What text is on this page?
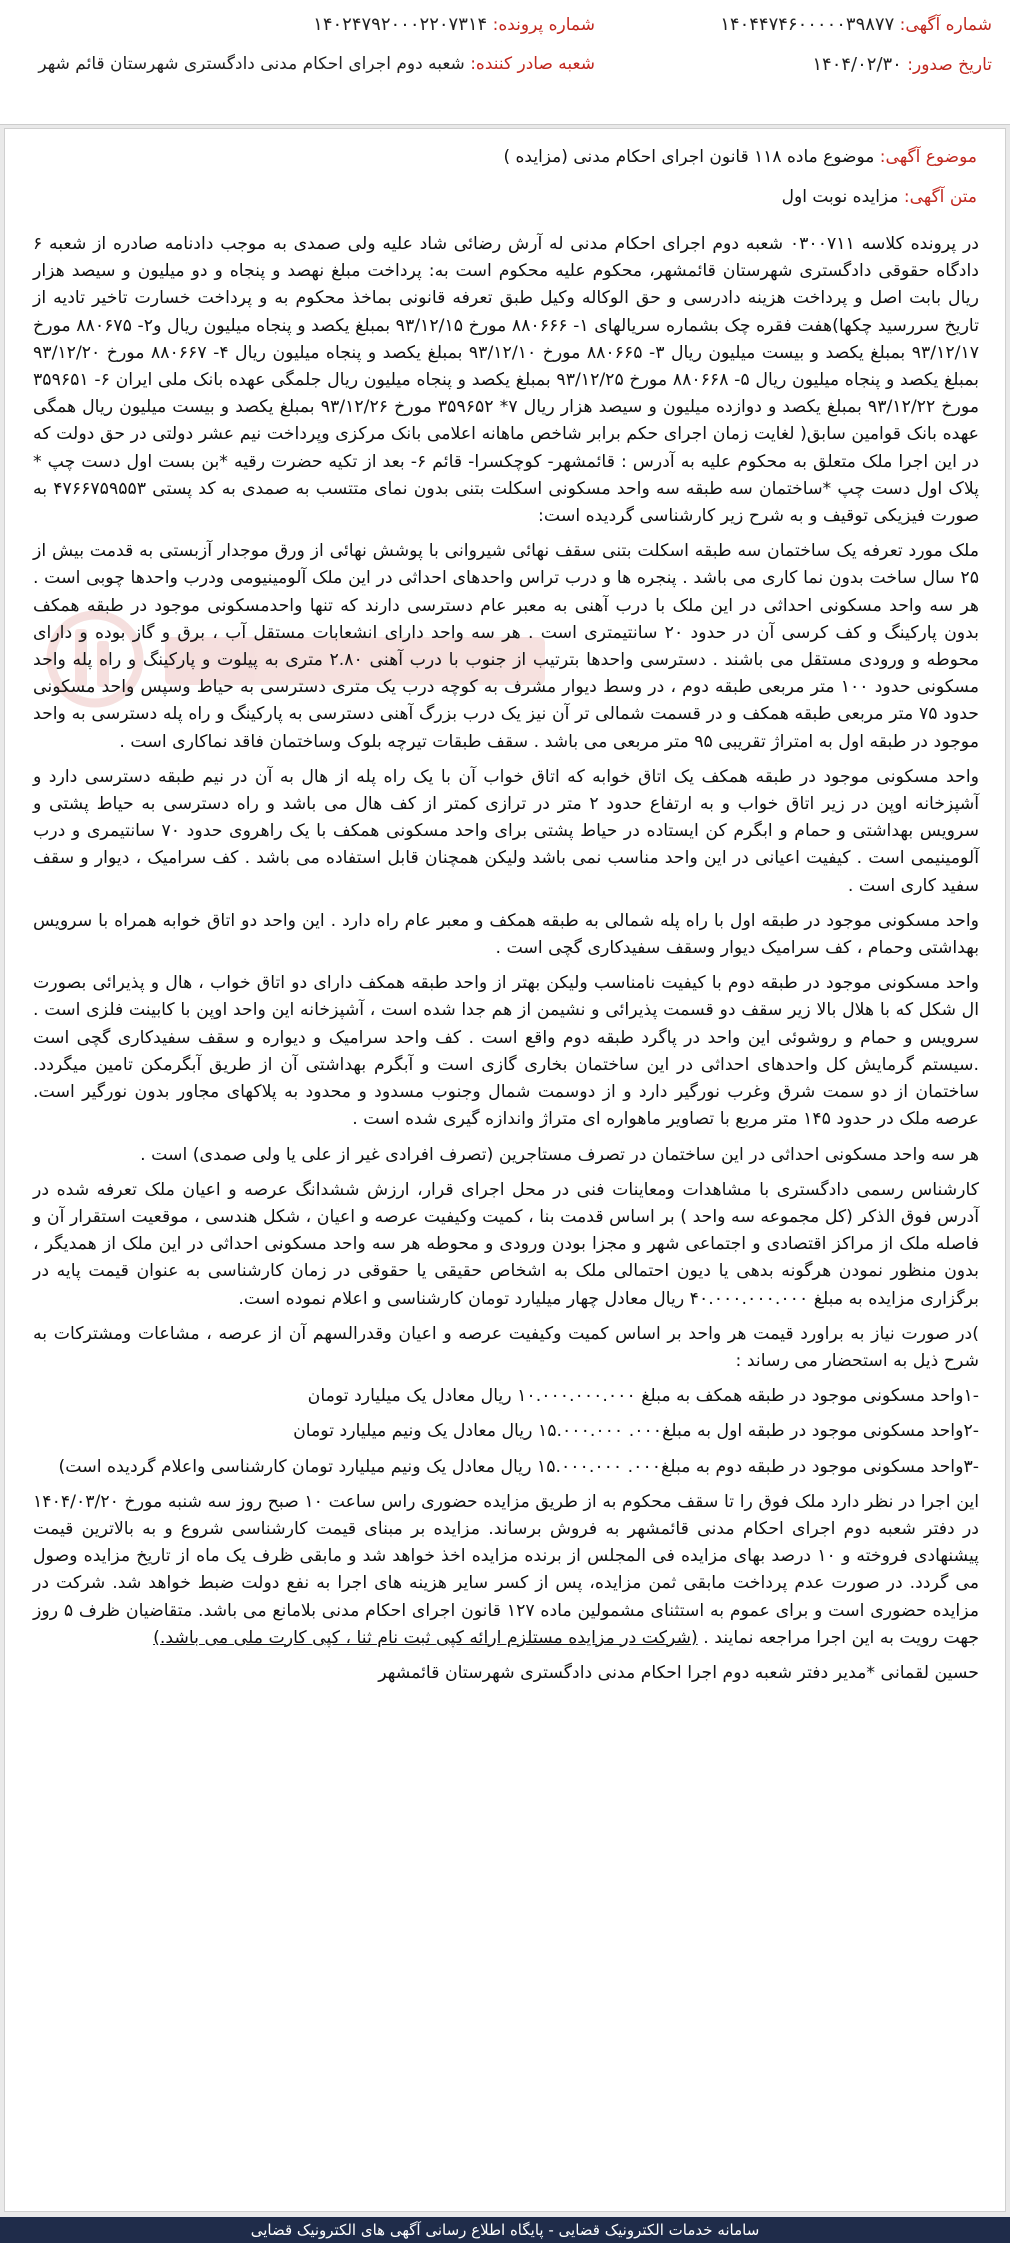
شماره آگهی: ۱۴۰۴۴۷۴۶۰۰۰۰۰۳۹۸۷۷
شماره پرونده: ۱۴۰۲۴۷۹۲۰۰۰۲۲۰۷۳۱۴
تاریخ صدور: ۱۴۰۴/۰۲/۳۰
شعبه صادر کننده: شعبه دوم اجرای احکام مدنی دادگستری شهرستان قائم شهر
موضوع آگهی: موضوع ماده ۱۱۸ قانون اجرای احکام مدنی (مزایده )
متن آگهی: مزایده نوبت اول

در پرونده کلاسه ۰۳۰۰۷۱۱ شعبه دوم اجرای احکام مدنی له آرش رضائی شاد علیه ولی صمدی به موجب دادنامه صادره از شعبه ۶ دادگاه حقوقی دادگستری شهرستان قائمشهر، محکوم علیه محکوم است به: پرداخت مبلغ نهصد و پنجاه و دو میلیون و سیصد هزار ریال بابت اصل و پرداخت هزینه دادرسی و حق الوکاله وکیل طبق تعرفه قانونی بماخذ محکوم به و پرداخت خسارت تاخیر تادیه از تاریخ سررسید چکها)هفت فقره چک بشماره سریالهای ۱- ۸۸۰۶۶۶ مورخ ۹۳/۱۲/۱۵ بمبلغ یکصد و پنجاه میلیون ریال و۲- ۸۸۰۶۷۵ مورخ ۹۳/۱۲/۱۷ بمبلغ یکصد و بیست میلیون ریال ۳- ۸۸۰۶۶۵ مورخ ۹۳/۱۲/۱۰ بمبلغ یکصد و پنجاه میلیون ریال ۴- ۸۸۰۶۶۷ مورخ ۹۳/۱۲/۲۰ بمبلغ یکصد و پنجاه میلیون ریال ۵- ۸۸۰۶۶۸ مورخ ۹۳/۱۲/۲۵ بمبلغ یکصد و پنجاه میلیون ریال جلمگی عهده بانک ملی ایران ۶- ۳۵۹۶۵۱ مورخ ۹۳/۱۲/۲۲ بمبلغ یکصد و دوازده میلیون و سیصد هزار ریال ۷* ۳۵۹۶۵۲ مورخ ۹۳/۱۲/۲۶ بمبلغ یکصد و بیست میلیون ریال همگی عهده بانک قوامین سابق( لغایت زمان اجرای حکم برابر شاخص ماهانه اعلامی بانک مرکزی وپرداخت نیم عشر دولتی در حق دولت که در این اجرا ملک متعلق به محکوم علیه به آدرس : قائمشهر- کوچکسرا- قائم ۶- بعد از تکیه حضرت رقیه *بن بست اول دست چپ * پلاک اول دست چپ *ساختمان سه طبقه سه واحد مسکونی اسکلت بتنی بدون نمای متتسب به صمدی به کد پستی ۴۷۶۶۷۵۹۵۵۳ به صورت فیزیکی توقیف و به شرح زیر کارشناسی گردیده است:

ملک مورد تعرفه یک ساختمان سه طبقه اسکلت بتنی سقف نهائی شیروانی با پوشش نهائی از ورق موجدار آزبستی به قدمت بیش از ۲۵ سال ساخت بدون نما کاری می باشد . پنجره ها و درب تراس واحدهای احداثی در این ملک آلومینیومی ودرب واحدها چوبی است . هر سه واحد مسکونی احداثی در این ملک با درب آهنی به معبر عام دسترسی دارند که تنها واحدمسکونی موجود در طبقه همکف بدون پارکینگ و کف کرسی آن در حدود ۲۰ سانتیمتری است . هر سه واحد دارای انشعابات مستقل آب ، برق و گاز بوده و دارای محوطه و ورودی مستقل می باشند . دسترسی واحدها بترتیب از جنوب با درب آهنی ۲.۸۰ متری به پیلوت و پارکینگ و راه پله واحد مسکونی حدود ۱۰۰ متر مربعی طبقه دوم ، در وسط دیوار مشرف به کوچه درب یک متری دسترسی به حیاط وسپس واحد مسکونی حدود ۷۵ متر مربعی طبقه همکف و در قسمت شمالی تر آن نیز یک درب بزرگ آهنی دسترسی به پارکینگ و راه پله دسترسی به واحد موجود در طبقه اول به امتراژ تقریبی ۹۵ متر مربعی می باشد . سقف طبقات تیرچه بلوک وساختمان فاقد نماکاری است .

واحد مسکونی موجود در طبقه همکف یک اتاق خوابه که اتاق خواب آن با یک راه پله از هال به آن در نیم طبقه دسترسی دارد و آشپزخانه اوپن در زیر اتاق خواب و به ارتفاع حدود ۲ متر در ترازی کمتر از کف هال می باشد و راه دسترسی به حیاط پشتی و سرویس بهداشتی و حمام و ابگرم کن ایستاده در حیاط پشتی برای واحد مسکونی همکف با یک راهروی حدود ۷۰ سانتیمری و درب آلومینیمی است . کیفیت اعیانی در این واحد مناسب نمی باشد ولیکن همچنان قابل استفاده می باشد . کف سرامیک ، دیوار و سقف سفید کاری است .

واحد مسکونی موجود در طبقه اول با راه پله شمالی به طبقه همکف و معبر عام راه دارد . این واحد دو اتاق خوابه همراه با سرویس بهداشتی وحمام ، کف سرامیک دیوار وسقف سفیدکاری گچی است .

واحد مسکونی موجود در طبقه دوم با کیفیت نامناسب ولیکن بهتر از واحد طبقه همکف دارای دو اتاق خواب ، هال و پذیرائی بصورت ال شکل که با هلال بالا زیر سقف دو قسمت پذیرائی و نشیمن از هم جدا شده است ، آشپزخانه این واحد اوپن با کابینت فلزی است . سرویس و حمام و روشوئی این واحد در پاگرد طبقه دوم واقع است . کف واحد سرامیک و دیواره و سقف سفیدکاری گچی است .سیستم گرمایش کل واحدهای احداثی در این ساختمان بخاری گازی است و آبگرم بهداشتی آن از طریق آبگرمکن تامین میگردد. ساختمان از دو سمت شرق وغرب نورگیر دارد و از دوسمت شمال وجنوب مسدود و محدود به پلاکهای مجاور بدون نورگیر است. عرصه ملک در حدود ۱۴۵ متر مربع با تصاویر ماهواره ای متراژ واندازه گیری شده است .

هر سه واحد مسکونی احداثی در این ساختمان در تصرف مستاجرین (تصرف افرادی غیر از علی یا ولی صمدی) است .

کارشناس رسمی دادگستری با مشاهدات ومعاینات فنی در محل اجرای قرار، ارزش ششدانگ عرصه و اعیان ملک تعرفه شده در آدرس فوق الذکر (کل مجموعه سه واحد ) بر اساس قدمت بنا ، کمیت وکیفیت عرصه و اعیان ، شکل هندسی ، موقعیت استقرار آن و فاصله ملک از مراکز اقتصادی و اجتماعی شهر و مجزا بودن ورودی و محوطه هر سه واحد مسکونی احداثی در این ملک از همدیگر ، بدون منظور نمودن هرگونه بدهی یا دیون احتمالی ملک به اشخاص حقیقی یا حقوقی در زمان کارشناسی به عنوان قیمت پایه در برگزاری مزایده به مبلغ ۴۰.۰۰۰.۰۰۰.۰۰۰ ریال معادل چهار میلیارد تومان کارشناسی و اعلام نموده است.

)در صورت نیاز به براورد قیمت هر واحد بر اساس کمیت وکیفیت عرصه و اعیان وقدرالسهم آن از عرصه ، مشاعات ومشترکات به شرح ذیل به استحضار می رساند :

-۱واحد مسکونی موجود در طبقه همکف به مبلغ ۱۰.۰۰۰.۰۰۰.۰۰۰ ریال معادل یک میلیارد تومان

-۲واحد مسکونی موجود در طبقه اول به مبلغ۰۰۰. ۱۵.۰۰۰.۰۰۰ ریال معادل یک ونیم میلیارد تومان

-۳واحد مسکونی موجود در طبقه دوم به مبلغ۰۰۰. ۱۵.۰۰۰.۰۰۰ ریال معادل یک ونیم میلیارد تومان کارشناسی واعلام گردیده است)

این اجرا در نظر دارد ملک فوق را تا سقف محکوم به از طریق مزایده حضوری راس ساعت ۱۰ صبح روز سه شنبه مورخ ۱۴۰۴/۰۳/۲۰ در دفتر شعبه دوم اجرای احکام مدنی قائمشهر به فروش برساند. مزایده بر مبنای قیمت کارشناسی شروع و به بالاترین قیمت پیشنهادی فروخته و ۱۰ درصد بهای مزایده فی المجلس از برنده مزایده اخذ خواهد شد و مابقی ظرف یک ماه از تاریخ مزایده وصول می گردد. در صورت عدم پرداخت مابقی ثمن مزایده، پس از کسر سایر هزینه های اجرا به نفع دولت ضبط خواهد شد. شرکت در مزایده حضوری است و برای عموم به استثنای مشمولین ماده ۱۲۷ قانون اجرای احکام مدنی بلامانع می باشد. متقاضیان ظرف ۵ روز جهت رویت به این اجرا مراجعه نمایند . (شرکت در مزایده مستلزم ارائه کپی ثبت نام ثنا ، کپی کارت ملی می باشد.)

حسین لقمانی *مدیر دفتر شعبه دوم اجرا احکام مدنی دادگستری شهرستان قائمشهر

سامانه خدمات الکترونیک قضایی - پایگاه اطلاع رسانی آگهی های الکترونیک قضایی
